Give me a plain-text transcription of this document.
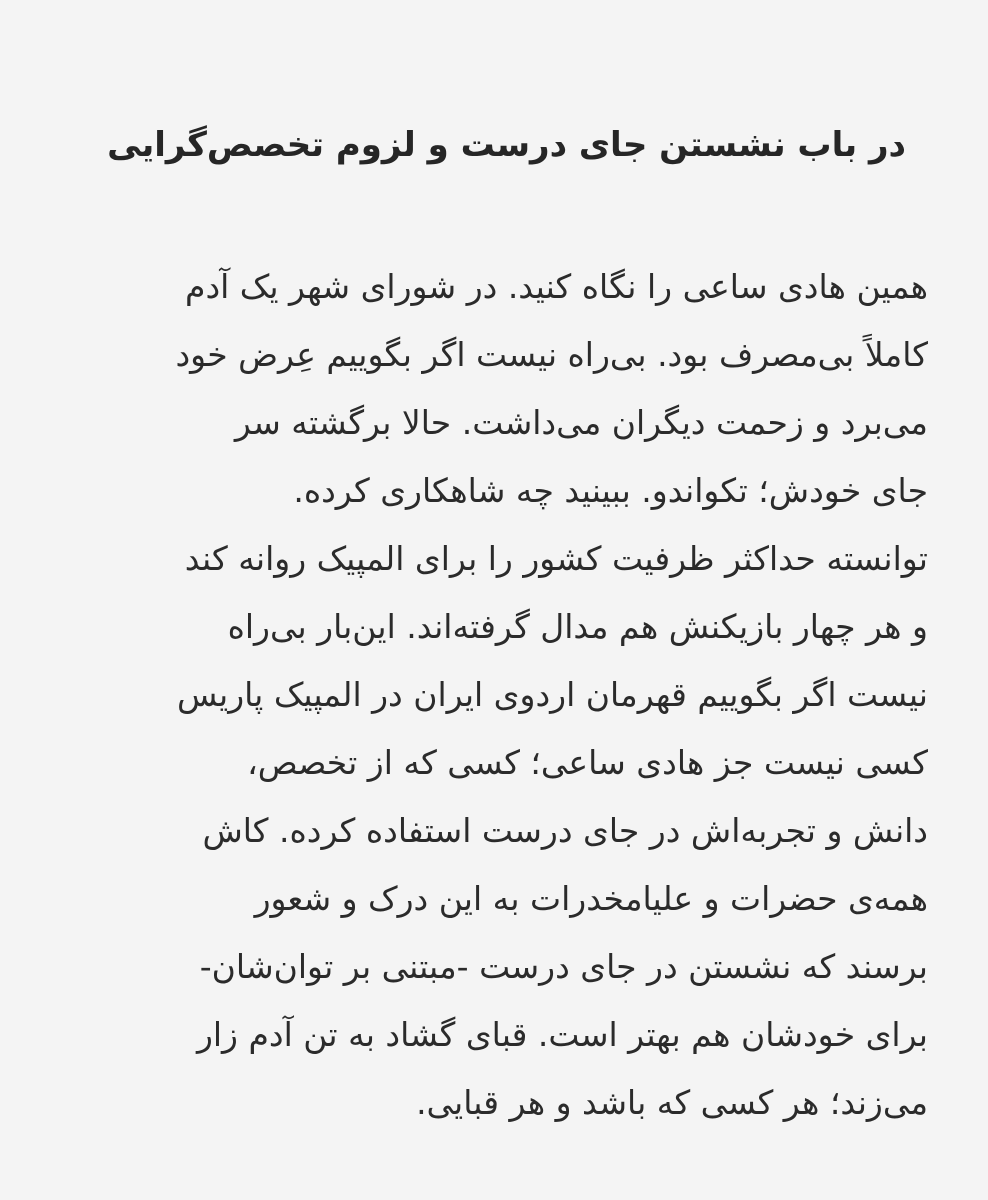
در باب نشستن جای درست و لزوم تخصص‌گرایی
همین هادی ساعی را نگاه کنید. در شورای شهر یک آدم
کاملاً بی‌مصرف بود. بی‌راه نیست اگر بگوییم عِرض خود
می‌برد و زحمت دیگران می‌داشت. حالا برگشته سر
جای خودش؛ تکواندو. ببینید چه شاهکاری کرده.
توانسته حداکثر ظرفیت کشور را برای المپیک روانه کند
و هر چهار بازیکنش هم مدال گرفته‌اند. این‌بار بی‌راه
نیست اگر بگوییم قهرمان اردوی ایران در المپیک پاریس
کسی نیست جز هادی ساعی؛ کسی که از تخصص،
دانش و تجربه‌اش در جای درست استفاده کرده. کاش
همه‌ی حضرات و علیامخدرات به این درک و شعور
برسند که نشستن در جای درست -مبتنی بر توان‌شان-
برای خودشان هم بهتر است. قبای گشاد به تن آدم زار
می‌زند؛ هر کسی که باشد و هر قبایی.
